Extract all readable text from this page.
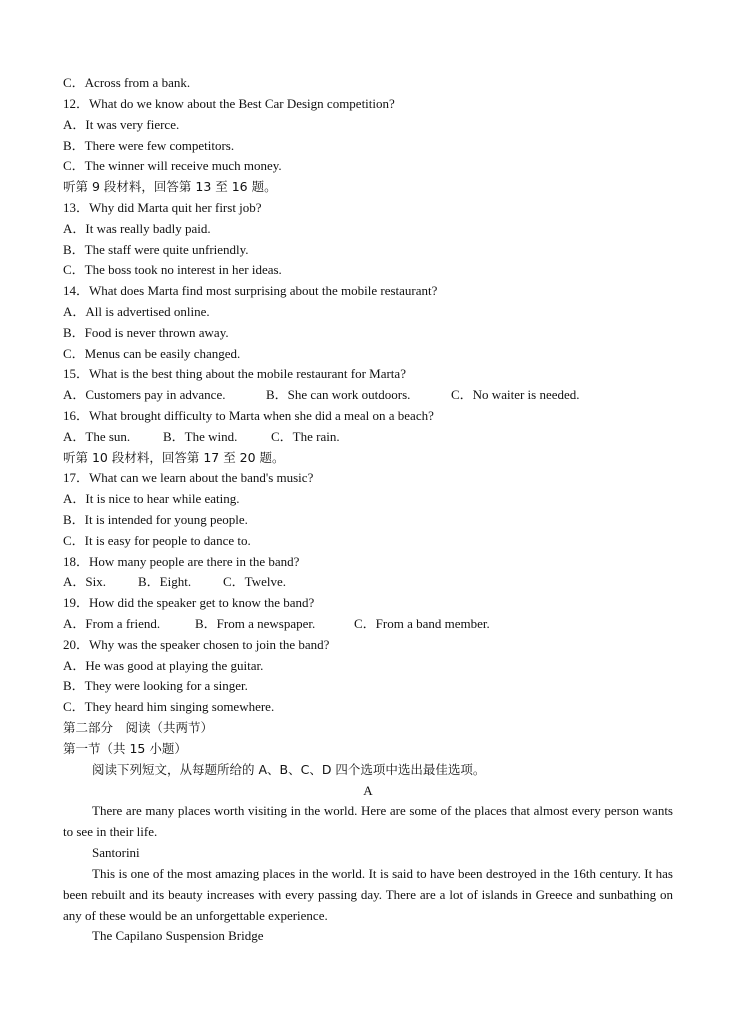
C．Across from a bank.
12．What do we know about the Best Car Design competition?
A．It was very fierce.
B．There were few competitors.
C．The winner will receive much money.
听第 9 段材料，回答第 13 至 16 题。
13．Why did Marta quit her first job?
A．It was really badly paid.
B．The staff were quite unfriendly.
C．The boss took no interest in her ideas.
14．What does Marta find most surprising about the mobile restaurant?
A．All is advertised online.
B．Food is never thrown away.
C．Menus can be easily changed.
15．What is the best thing about the mobile restaurant for Marta?
A．Customers pay in advance.	B．She can work outdoors.	C．No waiter is needed.
16．What brought difficulty to Marta when she did a meal on a beach?
A．The sun.	B．The wind.	C．The rain.
听第 10 段材料，回答第 17 至 20 题。
17．What can we learn about the band's music?
A．It is nice to hear while eating.
B．It is intended for young people.
C．It is easy for people to dance to.
18．How many people are there in the band?
A．Six. B．Eight. C．Twelve.
19．How did the speaker get to know the band?
A．From a friend.	B．From a newspaper.	C．From a band member.
20．Why was the speaker chosen to join the band?
A．He was good at playing the guitar.
B．They were looking for a singer.
C．They heard him singing somewhere.
第二部分　阅读（共两节）
第一节（共 15 小题）
阅读下列短文，从每题所给的 A、B、C、D 四个选项中选出最佳选项。
A
There are many places worth visiting in the world. Here are some of the places that almost every person wants to see in their life.
Santorini
This is one of the most amazing places in the world. It is said to have been destroyed in the 16th century. It has been rebuilt and its beauty increases with every passing day. There are a lot of islands in Greece and sunbathing on any of these would be an unforgettable experience.
The Capilano Suspension Bridge
